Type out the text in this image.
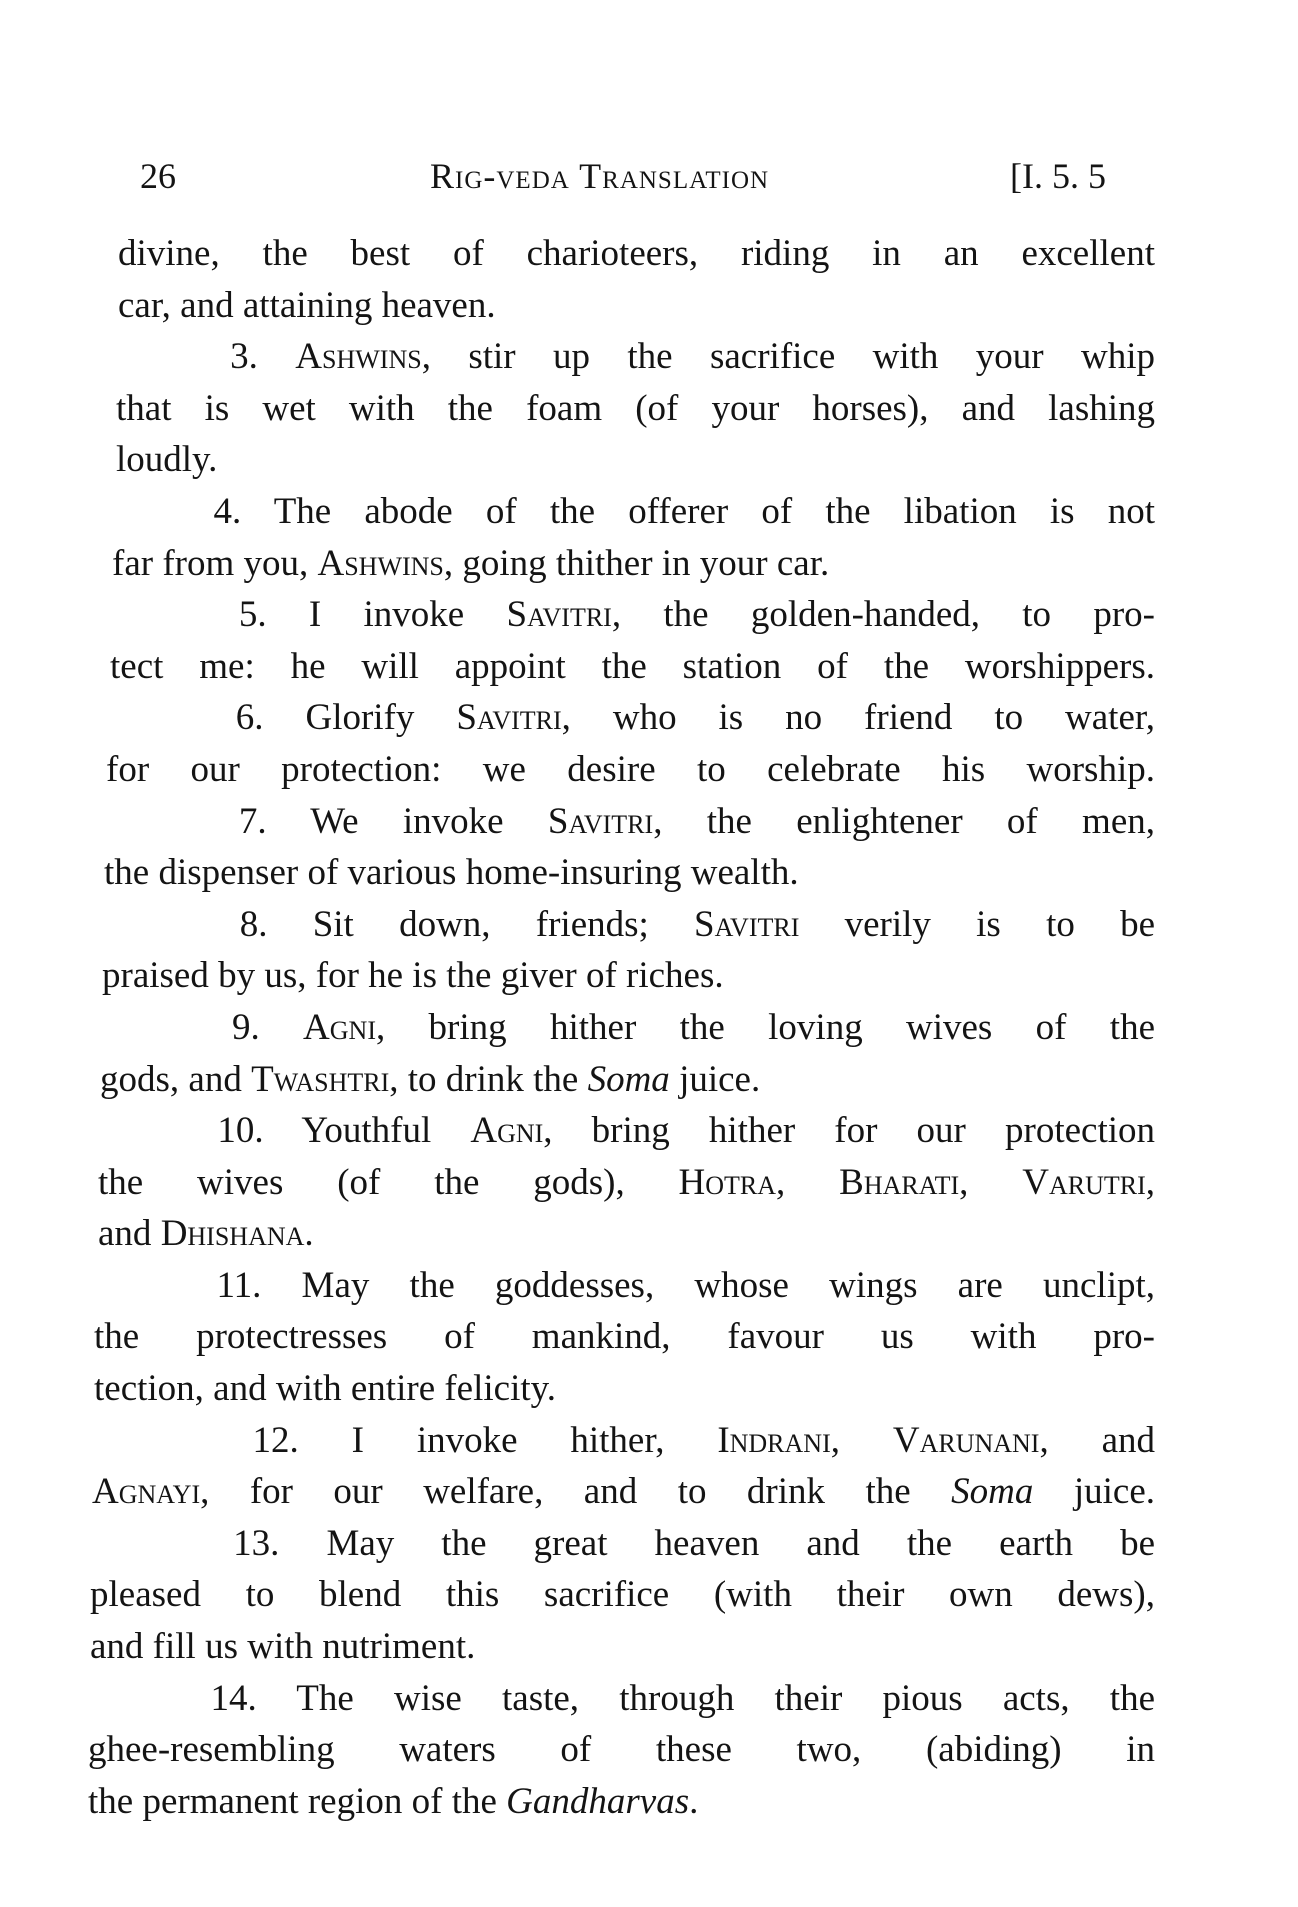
26	Rig-veda Translation	[I. 5. 5
divine, the best of charioteers, riding in an excellent
car, and attaining heaven.
3. Ashwins, stir up the sacrifice with your whip
that is wet with the foam (of your horses), and lashing
loudly.
4. The abode of the offerer of the libation is not
far from you, Ashwins, going thither in your car.
5. I invoke Savitri, the golden-handed, to pro-
tect me: he will appoint the station of the worshippers.
6. Glorify Savitri, who is no friend to water,
for our protection: we desire to celebrate his worship.
7. We invoke Savitri, the enlightener of men,
the dispenser of various home-insuring wealth.
8. Sit down, friends; Savitri verily is to be
praised by us, for he is the giver of riches.
9. Agni, bring hither the loving wives of the
gods, and Twashtri, to drink the Soma juice.
10. Youthful Agni, bring hither for our protection
the wives (of the gods), Hotra, Bharati, Varutri,
and Dhishana.
11. May the goddesses, whose wings are unclipt,
the protectresses of mankind, favour us with pro-
tection, and with entire felicity.
12. I invoke hither, Indrani, Varunani, and
Agnayi, for our welfare, and to drink the Soma juice.
13. May the great heaven and the earth be
pleased to blend this sacrifice (with their own dews),
and fill us with nutriment.
14. The wise taste, through their pious acts, the
ghee-resembling waters of these two, (abiding) in
the permanent region of the Gandharvas.
